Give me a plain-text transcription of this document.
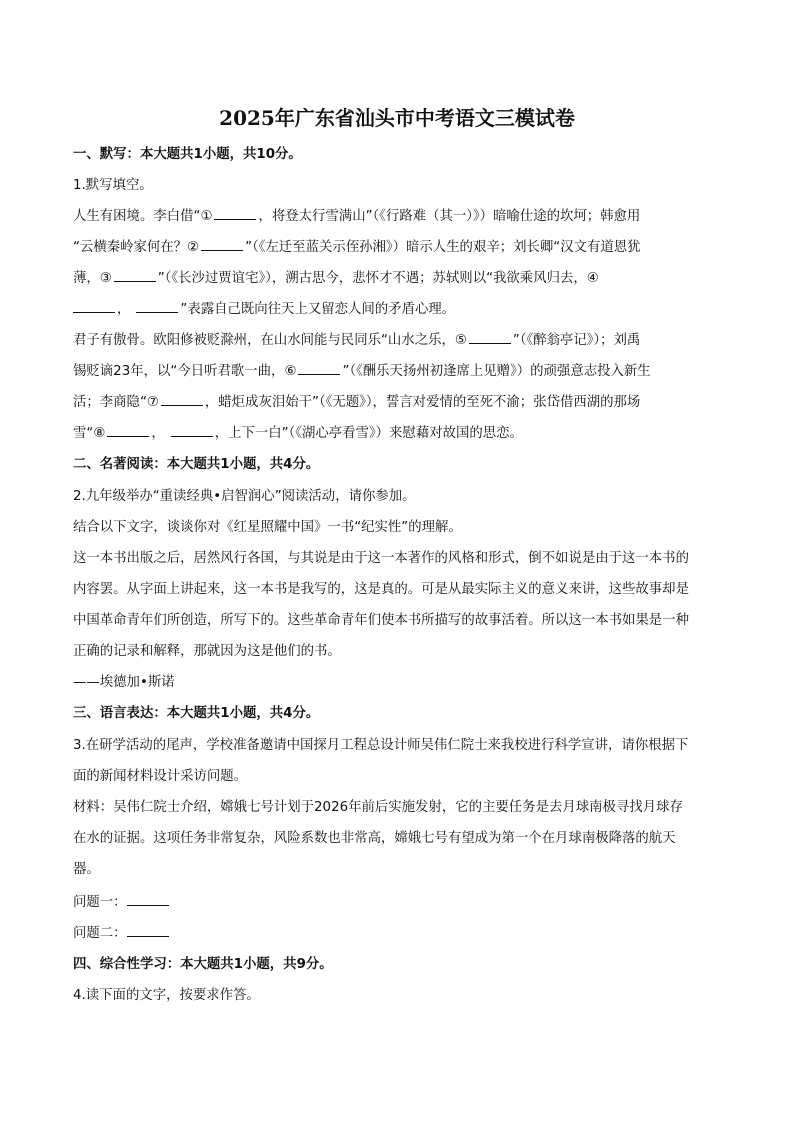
2025年广东省汕头市中考语文三模试卷
一、默写：本大题共1小题，共10分。
1.默写填空。
人生有困境。李白借“①	，将登太行雪满山”（《行路难（其一）》）暗喻仕途的坎坷；韩愈用
“云横秦岭家何在？②	”（《左迁至蓝关示侄孙湘》）暗示人生的艰辛；刘长卿“汉文有道恩犹
薄，③	”（《长沙过贾谊宅》），溯古思今，悲怀才不遇；苏轼则以“我欲乘风归去，④
，	”表露自己既向往天上又留恋人间的矛盾心理。
君子有傲骨。欧阳修被贬滁州，在山水间能与民同乐“山水之乐，⑤	”（《醉翁亭记》）；刘禹
锡贬谪23年，以“今日听君歌一曲，⑥	”（《酬乐天扬州初逢席上见赠》）的顽强意志投入新生
活；李商隐“⑦	，蜡炬成灰泪始干”（《无题》），誓言对爱情的至死不渝；张岱借西湖的那场
雪“⑧	，	，上下一白”（《湖心亭看雪》）来慰藉对故国的思恋。
二、名著阅读：本大题共1小题，共4分。
2.九年级举办“重读经典•启智润心”阅读活动，请你参加。
结合以下文字，谈谈你对《红星照耀中国》一书“纪实性”的理解。
这一本书出版之后，居然风行各国，与其说是由于这一本著作的风格和形式，倒不如说是由于这一本书的
内容罢。从字面上讲起来，这一本书是我写的，这是真的。可是从最实际主义的意义来讲，这些故事却是
中国革命青年们所创造，所写下的。这些革命青年们使本书所描写的故事活着。所以这一本书如果是一种
正确的记录和解释，那就因为这是他们的书。
——埃德加•斯诺
三、语言表达：本大题共1小题，共4分。
3.在研学活动的尾声，学校准备邀请中国探月工程总设计师吴伟仁院士来我校进行科学宣讲，请你根据下
面的新闻材料设计采访问题。
材料：吴伟仁院士介绍，嫦娥七号计划于2026年前后实施发射，它的主要任务是去月球南极寻找月球存
在水的证据。这项任务非常复杂，风险系数也非常高，嫦娥七号有望成为第一个在月球南极降落的航天
器。
问题一：
问题二：
四、综合性学习：本大题共1小题，共9分。
4.读下面的文字，按要求作答。
